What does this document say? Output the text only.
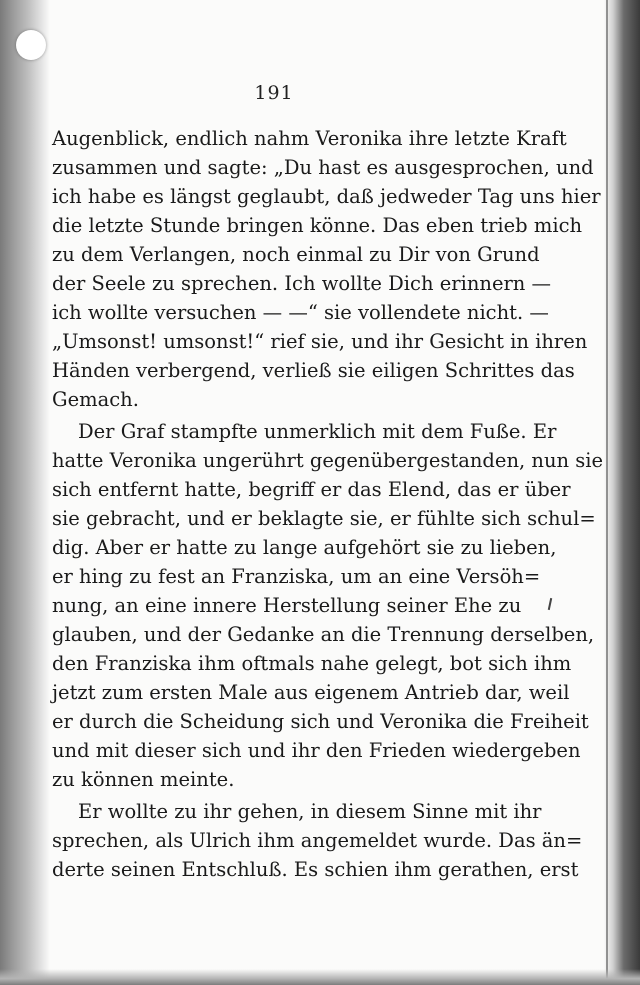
191
Augenblick, endlich nahm Veronika ihre letzte Kraft
zusammen und sagte: „Du hast es ausgesprochen, und
ich habe es längst geglaubt, daß jedweder Tag uns hier
die letzte Stunde bringen könne. Das eben trieb mich
zu dem Verlangen, noch einmal zu Dir von Grund
der Seele zu sprechen. Ich wollte Dich erinnern —
ich wollte versuchen — —“ sie vollendete nicht. —
„Umsonst! umsonst!“ rief sie, und ihr Gesicht in ihren
Händen verbergend, verließ sie eiligen Schrittes das
Gemach.
Der Graf stampfte unmerklich mit dem Fuße. Er
hatte Veronika ungerührt gegenübergestanden, nun sie
sich entfernt hatte, begriff er das Elend, das er über
sie gebracht, und er beklagte sie, er fühlte sich schul=
dig. Aber er hatte zu lange aufgehört sie zu lieben,
er hing zu fest an Franziska, um an eine Versöh=
nung, an eine innere Herstellung seiner Ehe zu
glauben, und der Gedanke an die Trennung derselben,
den Franziska ihm oftmals nahe gelegt, bot sich ihm
jetzt zum ersten Male aus eigenem Antrieb dar, weil
er durch die Scheidung sich und Veronika die Freiheit
und mit dieser sich und ihr den Frieden wiedergeben
zu können meinte.
Er wollte zu ihr gehen, in diesem Sinne mit ihr
sprechen, als Ulrich ihm angemeldet wurde. Das än=
derte seinen Entschluß. Es schien ihm gerathen, erst
